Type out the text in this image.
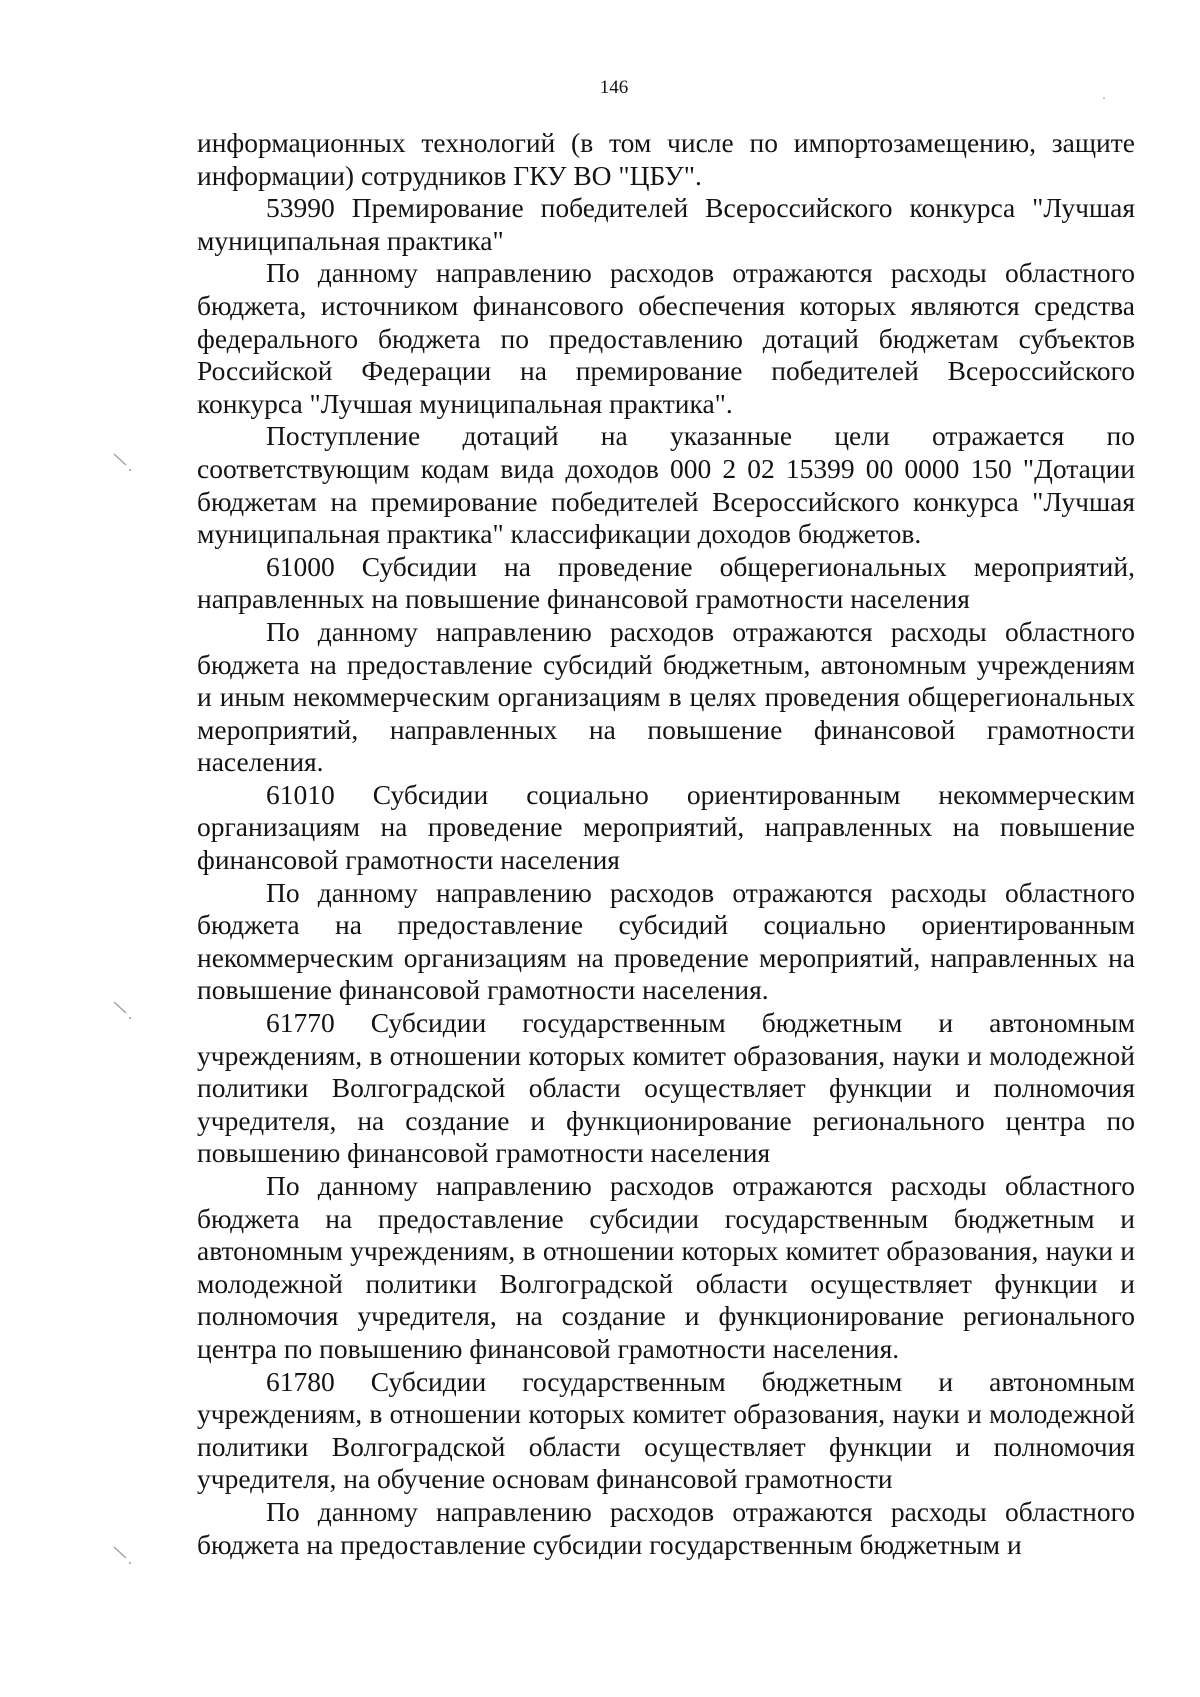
146

информационных технологий (в том числе по импортозамещению, защите информации) сотрудников ГКУ ВО "ЦБУ".

53990 Премирование победителей Всероссийского конкурса "Лучшая муниципальная практика"

По данному направлению расходов отражаются расходы областного бюджета, источником финансового обеспечения которых являются средства федерального бюджета по предоставлению дотаций бюджетам субъектов Российской Федерации на премирование победителей Всероссийского конкурса "Лучшая муниципальная практика".

Поступление дотаций на указанные цели отражается по соответствующим кодам вида доходов 000 2 02 15399 00 0000 150 "Дотации бюджетам на премирование победителей Всероссийского конкурса "Лучшая муниципальная практика" классификации доходов бюджетов.

61000 Субсидии на проведение общерегиональных мероприятий, направленных на повышение финансовой грамотности населения

По данному направлению расходов отражаются расходы областного бюджета на предоставление субсидий бюджетным, автономным учреждениям и иным некоммерческим организациям в целях проведения общерегиональных мероприятий, направленных на повышение финансовой грамотности населения.

61010 Субсидии социально ориентированным некоммерческим организациям на проведение мероприятий, направленных на повышение финансовой грамотности населения

По данному направлению расходов отражаются расходы областного бюджета на предоставление субсидий социально ориентированным некоммерческим организациям на проведение мероприятий, направленных на повышение финансовой грамотности населения.

61770 Субсидии государственным бюджетным и автономным учреждениям, в отношении которых комитет образования, науки и молодежной политики Волгоградской области осуществляет функции и полномочия учредителя, на создание и функционирование регионального центра по повышению финансовой грамотности населения

По данному направлению расходов отражаются расходы областного бюджета на предоставление субсидии государственным бюджетным и автономным учреждениям, в отношении которых комитет образования, науки и молодежной политики Волгоградской области осуществляет функции и полномочия учредителя, на создание и функционирование регионального центра по повышению финансовой грамотности населения.

61780 Субсидии государственным бюджетным и автономным учреждениям, в отношении которых комитет образования, науки и молодежной политики Волгоградской области осуществляет функции и полномочия учредителя, на обучение основам финансовой грамотности

По данному направлению расходов отражаются расходы областного бюджета на предоставление субсидии государственным бюджетным и
